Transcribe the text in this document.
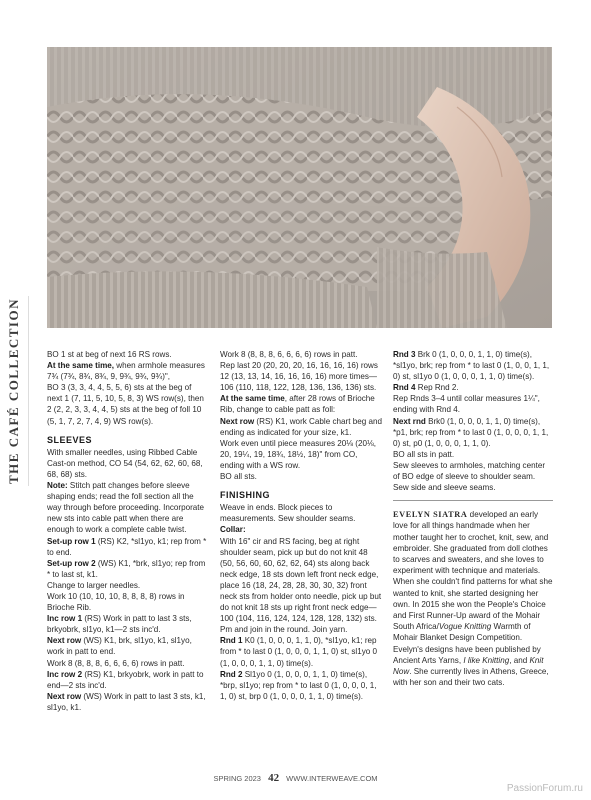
THE CAFÉ COLLECTION	BO 1 st at beg of next 16 RS rows.

At the same time, when armhole measures 7¾ (7¾, 8¾, 8¾, 9, 9¾, 9¾, 9¾)",

BO 3 (3, 3, 4, 4, 5, 5, 6) sts at the beg of next 1 (7, 11, 5, 10, 5, 8, 3) WS row(s), then 2 (2, 2, 3, 3, 4, 4, 5) sts at the beg of foll 10 (5, 1, 7, 2, 7, 4, 9) WS row(s).

SLEEVES

With smaller needles, using Ribbed Cable Cast-on method, CO 54 (54, 62, 62, 60, 68, 68, 68) sts.

Note: Stitch patt changes before sleeve shaping ends; read the foll section all the way through before proceeding. Incorporate new sts into cable patt when there are enough to work a complete cable twist.

Set-up row 1 (RS) K2, *sl1yo, k1; rep from * to end.

Set-up row 2 (WS) K1, *brk, sl1yo; rep from * to last st, k1.

Change to larger needles.

Work 10 (10, 10, 10, 8, 8, 8, 8) rows in Brioche Rib.

Inc row 1 (RS) Work in patt to last 3 sts, brkyobrk, sl1yo, k1—2 sts inc'd.

Next row (WS) K1, brk, sl1yo, k1, sl1yo, work in patt to end.

Work 8 (8, 8, 8, 6, 6, 6, 6) rows in patt.

Inc row 2 (RS) K1, brkyobrk, work in patt to end—2 sts inc'd.

Next row (WS) Work in patt to last 3 sts, k1, sl1yo, k1.

Work 8 (8, 8, 8, 6, 6, 6, 6) rows in patt.

Rep last 20 (20, 20, 20, 16, 16, 16, 16) rows 12 (13, 13, 14, 16, 16, 16, 16) more times—106 (110, 118, 122, 128, 136, 136, 136) sts.

At the same time, after 28 rows of Brioche Rib, change to cable patt as foll:

Next row (RS) K1, work Cable chart beg and ending as indicated for your size, k1.

Work even until piece measures 20⅛ (20⅛, 20, 19¼, 19, 18¾, 18½, 18)" from CO, ending with a WS row.

BO all sts.

FINISHING

Weave in ends. Block pieces to measurements. Sew shoulder seams.

Collar:

With 16" cir and RS facing, beg at right shoulder seam, pick up but do not knit 48 (50, 56, 60, 60, 62, 62, 64) sts along back neck edge, 18 sts down left front neck edge, place 16 (18, 24, 28, 28, 30, 30, 32) front neck sts from holder onto needle, pick up but do not knit 18 sts up right front neck edge—100 (104, 116, 124, 124, 128, 128, 132) sts. Pm and join in the round. Join yarn.

Rnd 1 K0 (1, 0, 0, 0, 1, 1, 0), *sl1yo, k1; rep from * to last 0 (1, 0, 0, 0, 1, 1, 0) st, sl1yo 0 (1, 0, 0, 0, 1, 1, 0) time(s).

Rnd 2 Sl1yo 0 (1, 0, 0, 0, 1, 1, 0) time(s), *brp, sl1yo; rep from * to last 0 (1, 0, 0, 0, 1, 1, 0) st, brp 0 (1, 0, 0, 0, 1, 1, 0) time(s).

Rnd 3 Brk 0 (1, 0, 0, 0, 1, 1, 0) time(s), *sl1yo, brk; rep from * to last 0 (1, 0, 0, 1, 1, 0) st, sl1yo 0 (1, 0, 0, 0, 1, 1, 0) time(s).

Rnd 4 Rep Rnd 2.

Rep Rnds 3–4 until collar measures 1¼", ending with Rnd 4.

Next rnd Brk0 (1, 0, 0, 0, 1, 1, 0) time(s), *p1, brk; rep from * to last 0 (1, 0, 0, 0, 1, 1, 0) st, p0 (1, 0, 0, 0, 1, 1, 0).

BO all sts in patt.

Sew sleeves to armholes, matching center of BO edge of sleeve to shoulder seam. Sew side and sleeve seams.

EVELYN SIATRA developed an early love for all things handmade when her mother taught her to crochet, knit, sew, and embroider. She graduated from doll clothes to scarves and sweaters, and she loves to experiment with technique and materials. When she couldn't find patterns for what she wanted to knit, she started designing her own. In 2015 she won the People's Choice and First Runner-Up award of the Mohair South Africa/Vogue Knitting Warmth of Mohair Blanket Design Competition. Evelyn's designs have been published by Ancient Arts Yarns, I like Knitting, and Knit Now. She currently lives in Athens, Greece, with her son and their two cats.

SPRING 2023 42 WWW.INTERWEAVE.COM
PassionForum.ru
